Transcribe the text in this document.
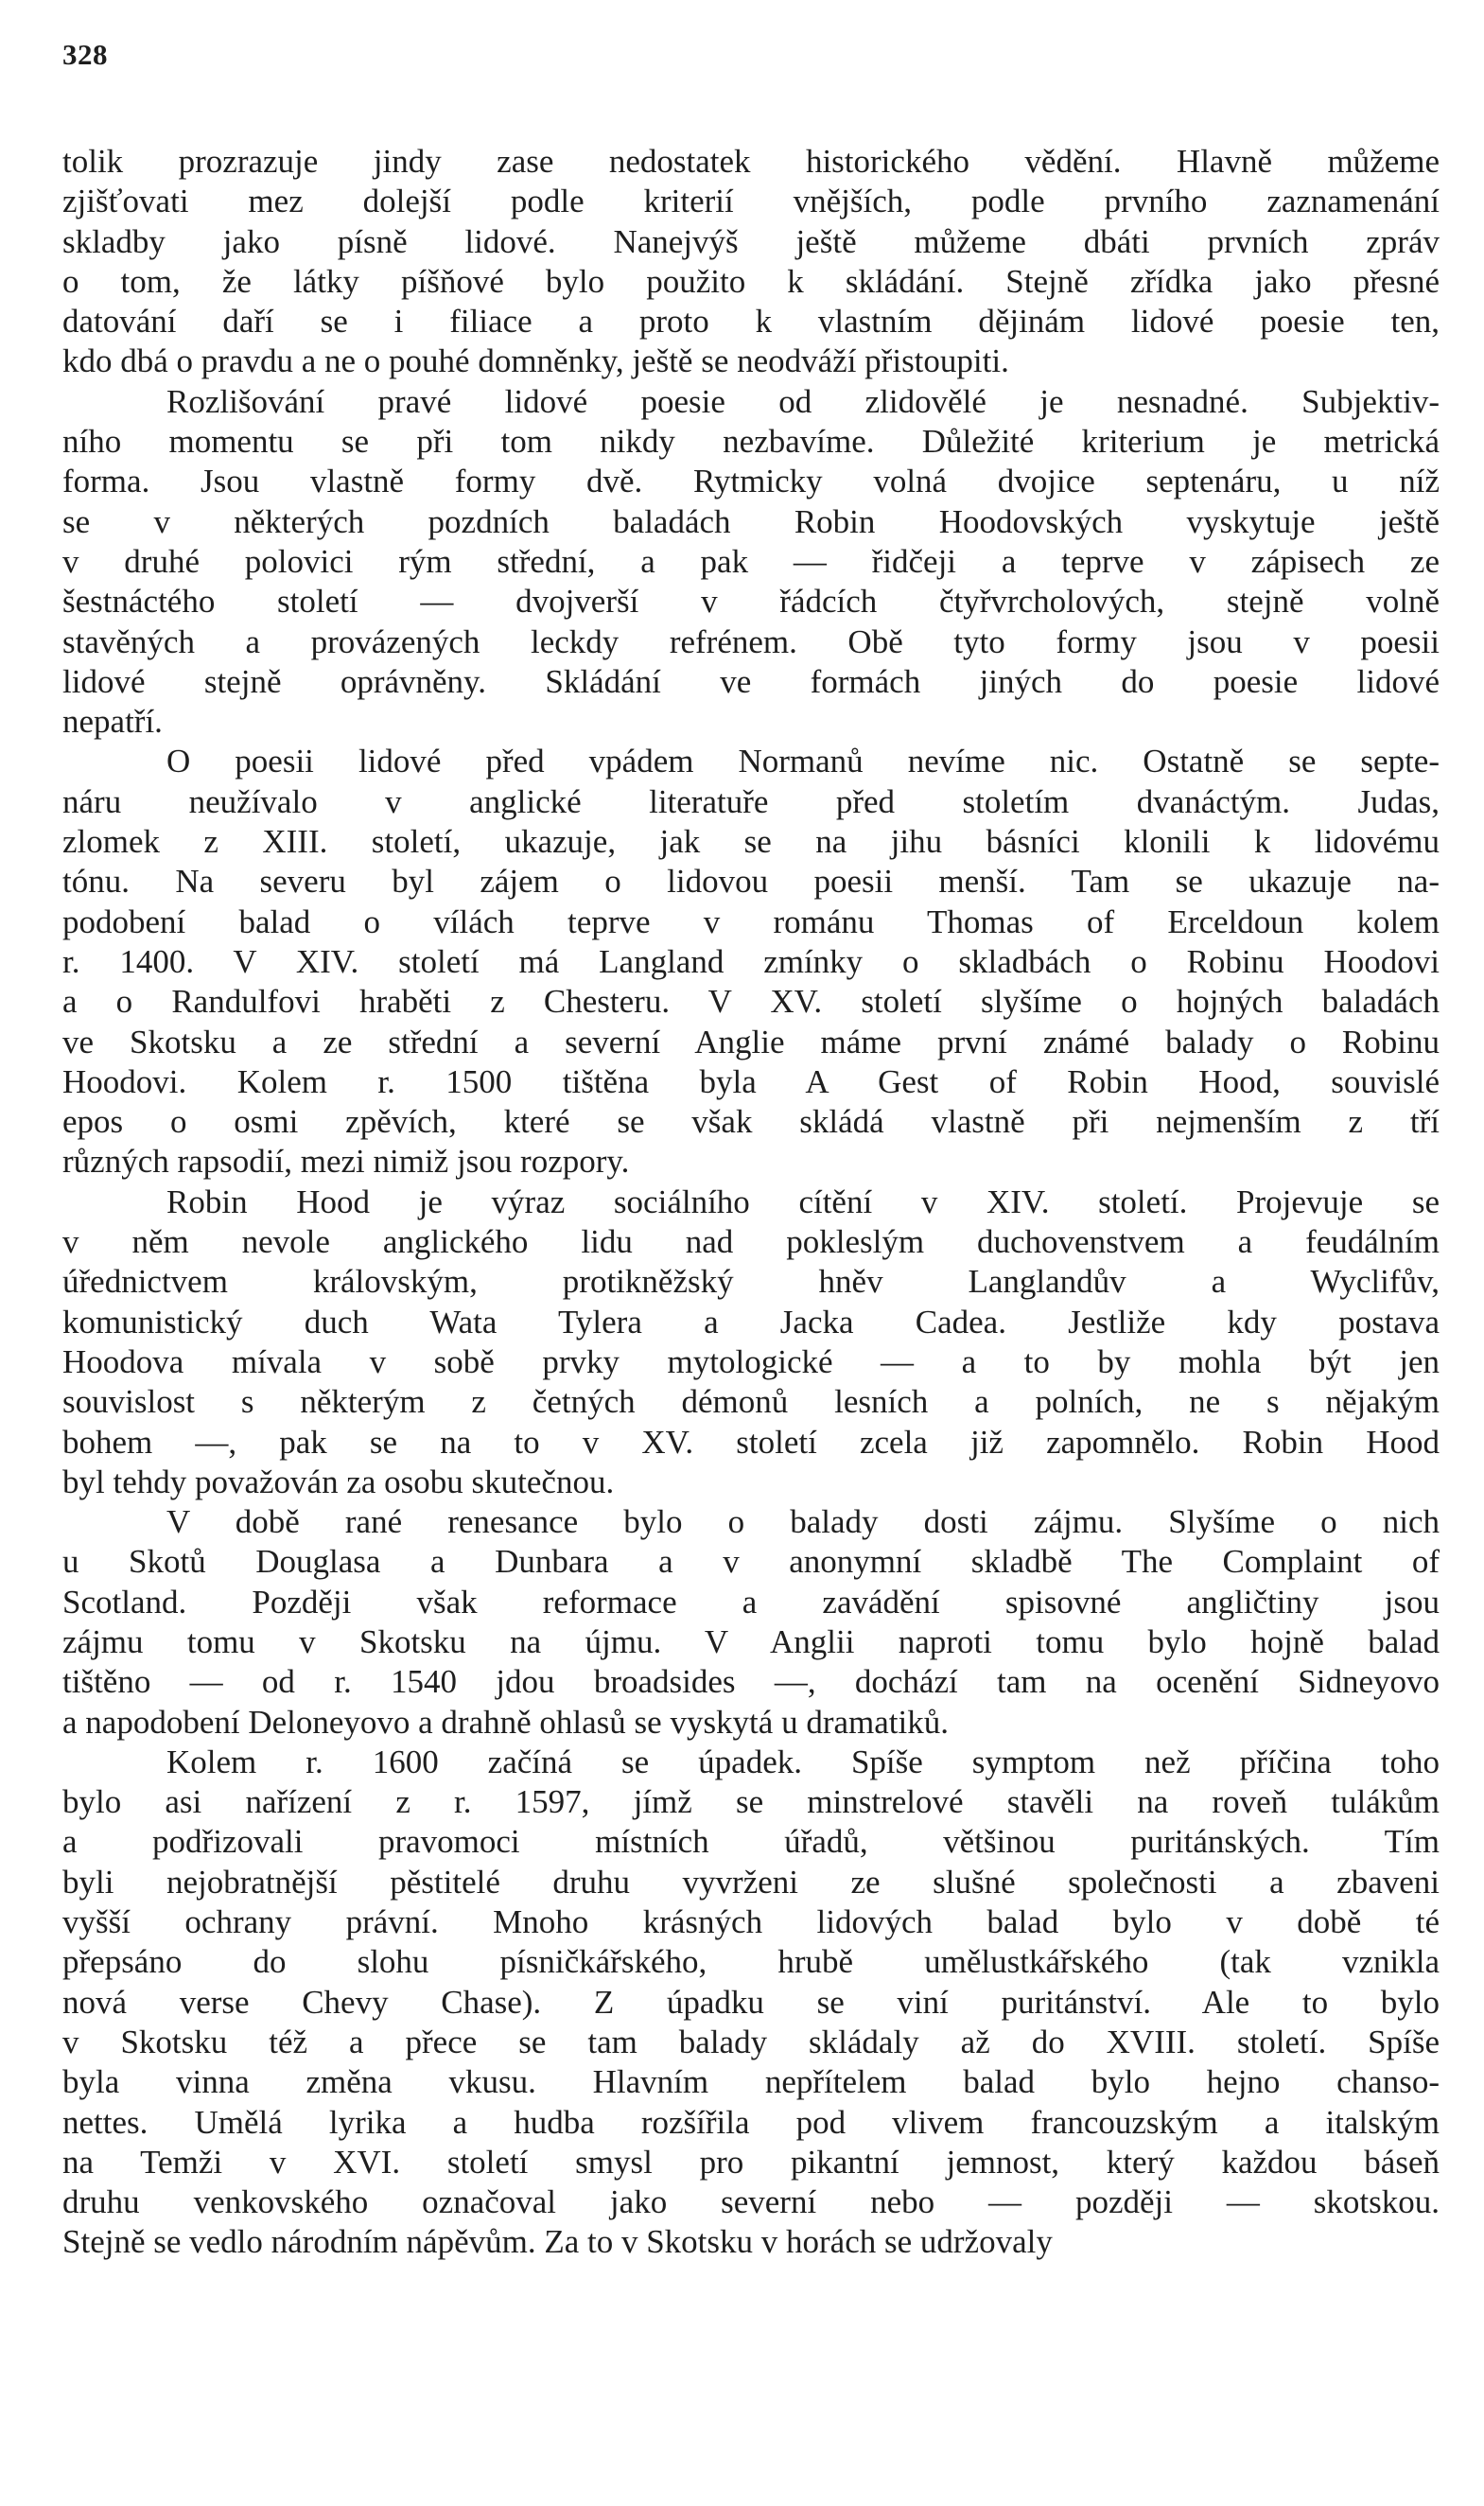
328
tolik prozrazuje jindy zase nedostatek historického vědění. Hlavně můžeme
zjišťovati mez dolejší podle kriterií vnějších, podle prvního zaznamenání
skladby jako písně lidové. Nanejvýš ještě můžeme dbáti prvních zpráv
o tom, že látky píšňové bylo použito k skládání. Stejně zřídka jako přesné
datování daří se i filiace a proto k vlastním dějinám lidové poesie ten,
kdo dbá o pravdu a ne o pouhé domněnky, ještě se neodváží přistoupiti.
Rozlišování pravé lidové poesie od zlidovělé je nesnadné. Subjektiv-
ního momentu se při tom nikdy nezbavíme. Důležité kriterium je metrická
forma. Jsou vlastně formy dvě. Rytmicky volná dvojice septenáru, u níž
se v některých pozdních baladách Robin Hoodovských vyskytuje ještě
v druhé polovici rým střední, a pak — řidčeji a teprve v zápisech ze
šestnáctého století — dvojverší v řádcích čtyřvrcholových, stejně volně
stavěných a provázených leckdy refrénem. Obě tyto formy jsou v poesii
lidové stejně oprávněny. Skládání ve formách jiných do poesie lidové
nepatří.
O poesii lidové před vpádem Normanů nevíme nic. Ostatně se septe-
náru neužívalo v anglické literatuře před stoletím dvanáctým. Judas,
zlomek z XIII. století, ukazuje, jak se na jihu básníci klonili k lidovému
tónu. Na severu byl zájem o lidovou poesii menší. Tam se ukazuje na-
podobení balad o vílách teprve v románu Thomas of Erceldoun kolem
r. 1400. V XIV. století má Langland zmínky o skladbách o Robinu Hoodovi
a o Randulfovi hraběti z Chesteru. V XV. století slyšíme o hojných baladách
ve Skotsku a ze střední a severní Anglie máme první známé balady o Robinu
Hoodovi. Kolem r. 1500 tištěna byla A Gest of Robin Hood, souvislé
epos o osmi zpěvích, které se však skládá vlastně při nejmenším z tří
různých rapsodií, mezi nimiž jsou rozpory.
Robin Hood je výraz sociálního cítění v XIV. století. Projevuje se
v něm nevole anglického lidu nad pokleslým duchovenstvem a feudálním
úřednictvem královským, protikněžský hněv Langlandův a Wyclifův,
komunistický duch Wata Tylera a Jacka Cadea. Jestliže kdy postava
Hoodova mívala v sobě prvky mytologické — a to by mohla být jen
souvislost s některým z četných démonů lesních a polních, ne s nějakým
bohem —, pak se na to v XV. století zcela již zapomnělo. Robin Hood
byl tehdy považován za osobu skutečnou.
V době rané renesance bylo o balady dosti zájmu. Slyšíme o nich
u Skotů Douglasa a Dunbara a v anonymní skladbě The Complaint of
Scotland. Později však reformace a zavádění spisovné angličtiny jsou
zájmu tomu v Skotsku na újmu. V Anglii naproti tomu bylo hojně balad
tištěno — od r. 1540 jdou broadsides —, dochází tam na ocenění Sidneyovo
a napodobení Deloneyovo a drahně ohlasů se vyskytá u dramatiků.
Kolem r. 1600 začíná se úpadek. Spíše symptom než příčina toho
bylo asi nařízení z r. 1597, jímž se minstrelové stavěli na roveň tulákům
a podřizovali pravomoci místních úřadů, většinou puritánských. Tím
byli nejobratnější pěstitelé druhu vyvrženi ze slušné společnosti a zbaveni
vyšší ochrany právní. Mnoho krásných lidových balad bylo v době té
přepsáno do slohu písničkářského, hrubě umělustkářského (tak vznikla
nová verse Chevy Chase). Z úpadku se viní puritánství. Ale to bylo
v Skotsku též a přece se tam balady skládaly až do XVIII. století. Spíše
byla vinna změna vkusu. Hlavním nepřítelem balad bylo hejno chanso-
nettes. Umělá lyrika a hudba rozšířila pod vlivem francouzským a italským
na Temži v XVI. století smysl pro pikantní jemnost, který každou báseň
druhu venkovského označoval jako severní nebo — později — skotskou.
Stejně se vedlo národním nápěvům. Za to v Skotsku v horách se udržovaly
